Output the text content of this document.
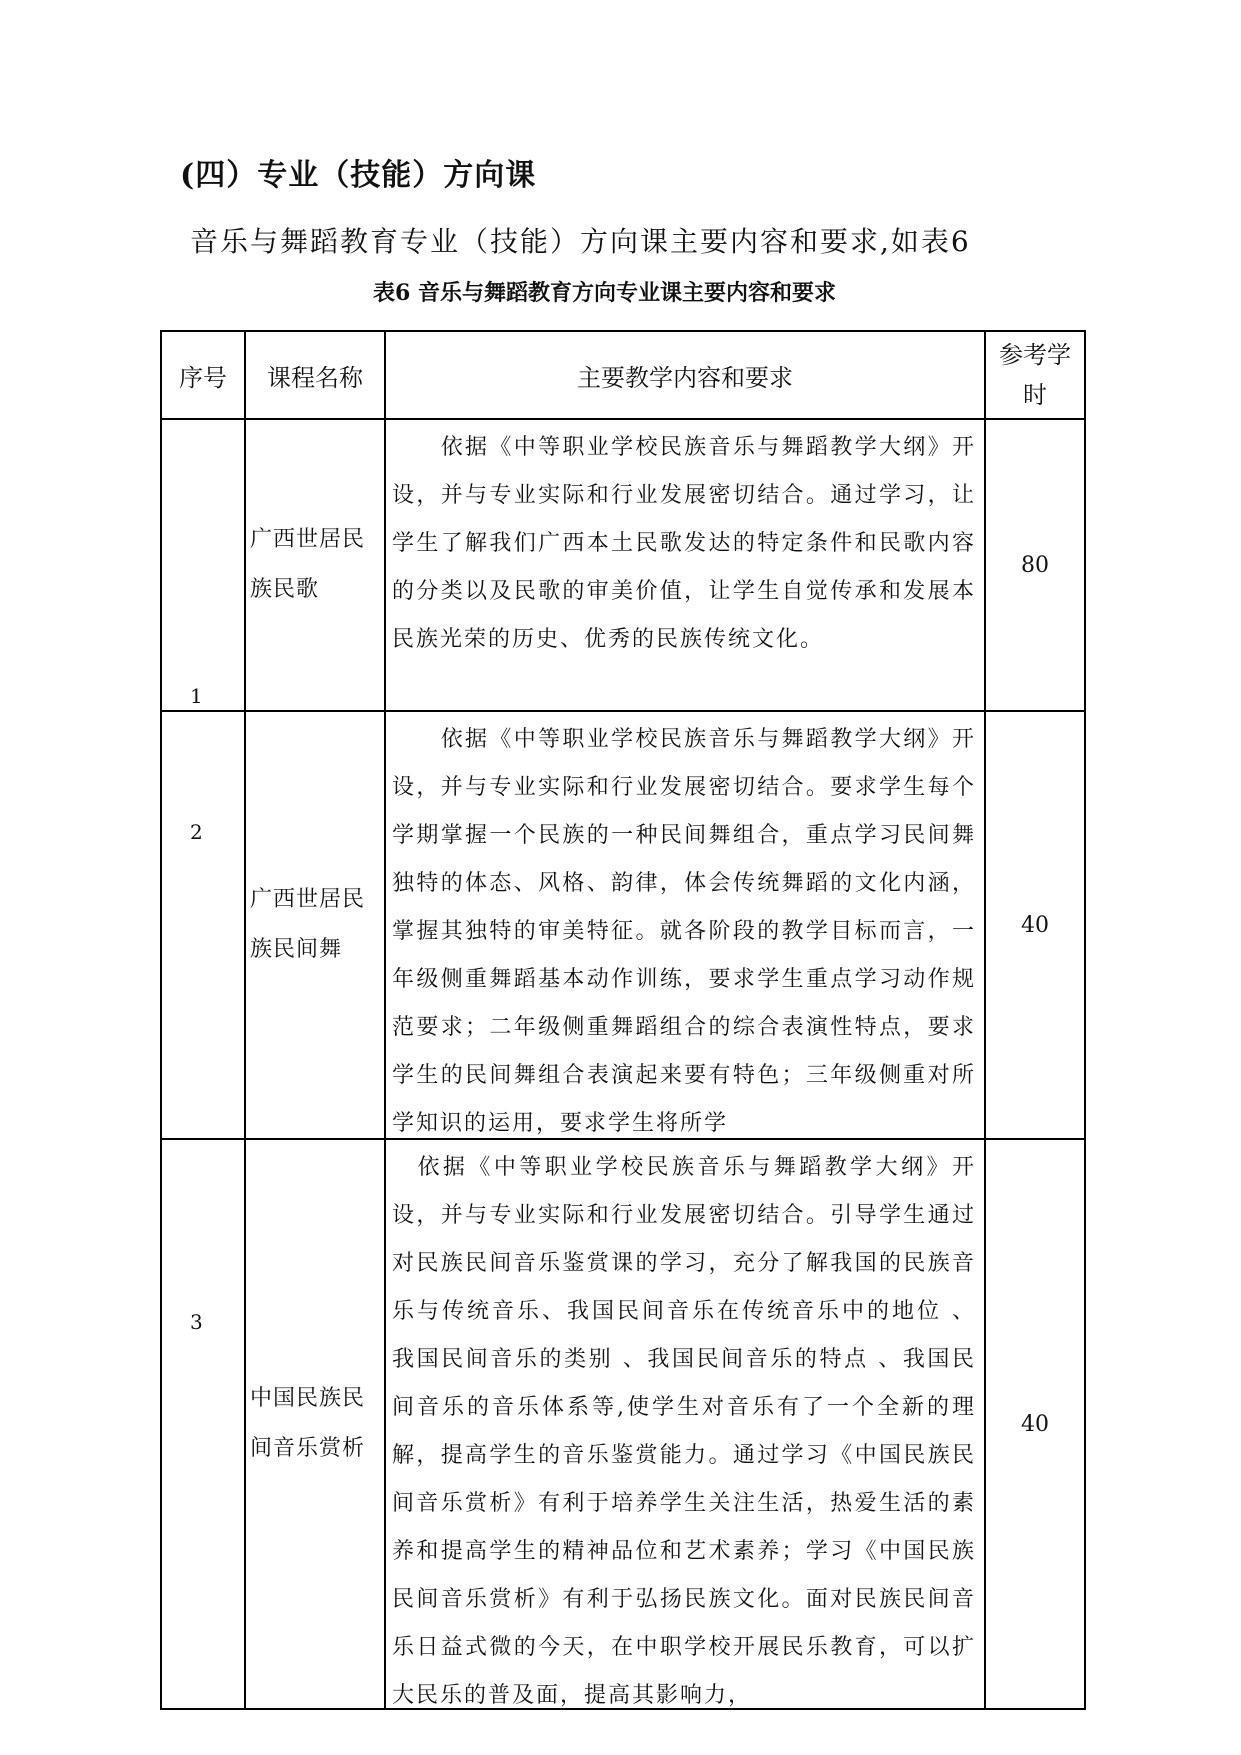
(四）专业（技能）方向课
音乐与舞蹈教育专业（技能）方向课主要内容和要求,如表6
表6 音乐与舞蹈教育方向专业课主要内容和要求
序号	课程名称	主要教学内容和要求	参考学时

1	广西世居民族民歌	　　依据《中等职业学校民族音乐与舞蹈教学大纲》开设，并与专业实际和行业发展密切结合。通过学习，让学生了解我们广西本土民歌发达的特定条件和民歌内容的分类以及民歌的审美价值，让学生自觉传承和发展本民族光荣的历史、优秀的民族传统文化。	80

2	广西世居民族民间舞	　　依据《中等职业学校民族音乐与舞蹈教学大纲》开设，并与专业实际和行业发展密切结合。要求学生每个学期掌握一个民族的一种民间舞组合，重点学习民间舞独特的体态、风格、韵律，体会传统舞蹈的文化内涵，掌握其独特的审美特征。就各阶段的教学目标而言，一年级侧重舞蹈基本动作训练，要求学生重点学习动作规范要求；二年级侧重舞蹈组合的综合表演性特点，要求学生的民间舞组合表演起来要有特色；三年级侧重对所学知识的运用，要求学生将所学	40

3	中国民族民间音乐赏析	　依据《中等职业学校民族音乐与舞蹈教学大纲》开设，并与专业实际和行业发展密切结合。引导学生通过对民族民间音乐鉴赏课的学习，充分了解我国的民族音乐与传统音乐、我国民间音乐在传统音乐中的地位 、我国民间音乐的类别 、我国民间音乐的特点 、我国民间音乐的音乐体系等,使学生对音乐有了一个全新的理解，提高学生的音乐鉴赏能力。通过学习《中国民族民间音乐赏析》有利于培养学生关注生活，热爱生活的素养和提高学生的精神品位和艺术素养；学习《中国民族民间音乐赏析》有利于弘扬民族文化。面对民族民间音乐日益式微的今天，在中职学校开展民乐教育，可以扩大民乐的普及面，提高其影响力，	40
